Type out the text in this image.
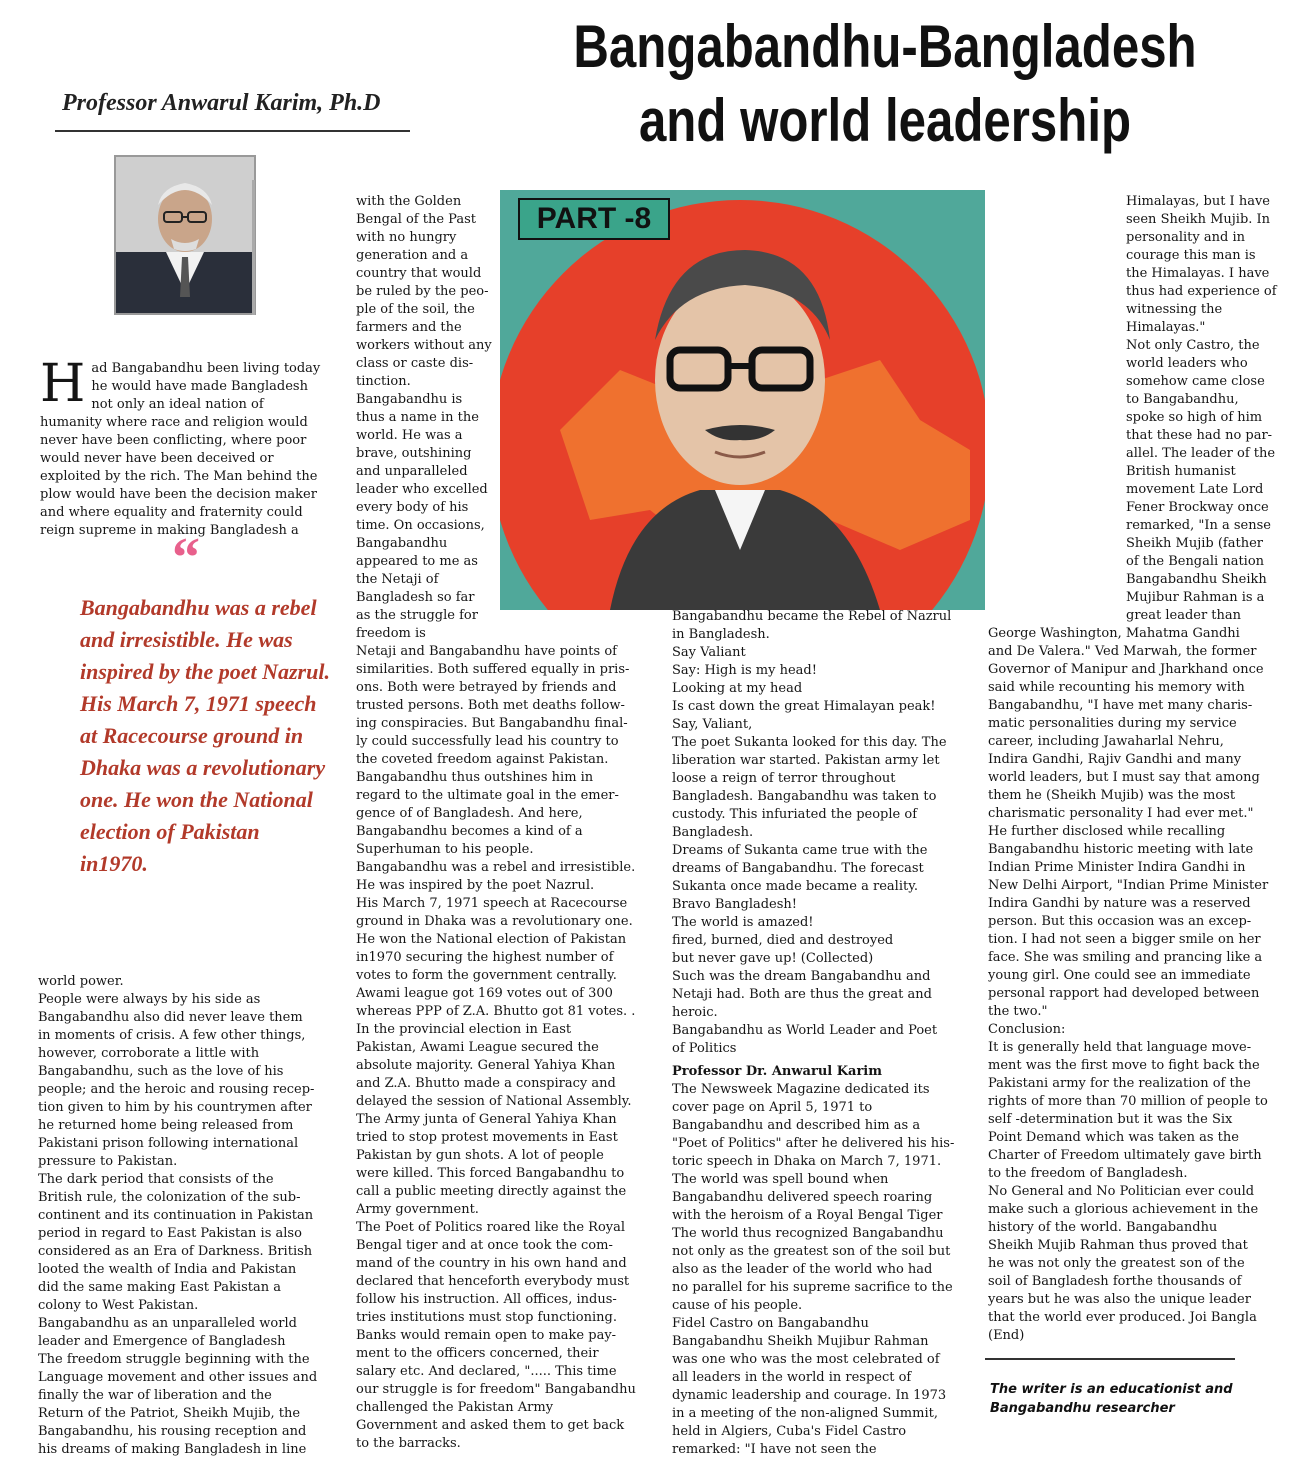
Bangabandhu-Bangladesh
and world leadership

Professor Anwarul Karim, Ph.D

Had Bangabandhu been living today
he would have made Bangladesh
not only an ideal nation of
humanity where race and religion would
never have been conflicting, where poor
would never have been deceived or
exploited by the rich. The Man behind the
plow would have been the decision maker
and where equality and fraternity could
reign supreme in making Bangladesh a

“

Bangabandhu was a rebel and irresistible. He was inspired by the poet Nazrul. His March 7, 1971 speech at Racecourse ground in Dhaka was a revolutionary one. He won the National election of Pakistan in1970.

world power.
People were always by his side as
Bangabandhu also did never leave them
in moments of crisis. A few other things,
however, corroborate a little with
Bangabandhu, such as the love of his
people; and the heroic and rousing recep-
tion given to him by his countrymen after
he returned home being released from
Pakistani prison following international
pressure to Pakistan.
The dark period that consists of the
British rule, the colonization of the sub-
continent and its continuation in Pakistan
period in regard to East Pakistan is also
considered as an Era of Darkness. British
looted the wealth of India and Pakistan
did the same making East Pakistan a
colony to West Pakistan.
Bangabandhu as an unparalleled world
leader and Emergence of Bangladesh
The freedom struggle beginning with the
Language movement and other issues and
finally the war of liberation and the
Return of the Patriot, Sheikh Mujib, the
Bangabandhu, his rousing reception and
his dreams of making Bangladesh in line
with the Golden
Bengal of the Past
with no hungry
generation and a
country that would
be ruled by the peo-
ple of the soil, the
farmers and the
workers without any
class or caste dis-
tinction.
Bangabandhu is
thus a name in the
world. He was a
brave, outshining
and unparalleled
leader who excelled
every body of his
time. On occasions,
Bangabandhu
appeared to me as
the Netaji of
Bangladesh so far
as the struggle for
freedom is
Netaji and Bangabandhu have points of
similarities. Both suffered equally in pris-
ons. Both were betrayed by friends and
trusted persons. Both met deaths follow-
ing conspiracies. But Bangabandhu final-
ly could successfully lead his country to
the coveted freedom against Pakistan.
Bangabandhu thus outshines him in
regard to the ultimate goal in the emer-
gence of of Bangladesh. And here,
Bangabandhu becomes a kind of a
Superhuman to his people.
Bangabandhu was a rebel and irresistible.
He was inspired by the poet Nazrul.
His March 7, 1971 speech at Racecourse
ground in Dhaka was a revolutionary one.
He won the National election of Pakistan
in1970 securing the highest number of
votes to form the government centrally.
Awami league got 169 votes out of 300
whereas PPP of Z.A. Bhutto got 81 votes. .
In the provincial election in East
Pakistan, Awami League secured the
absolute majority. General Yahiya Khan
and Z.A. Bhutto made a conspiracy and
delayed the session of National Assembly.
The Army junta of General Yahiya Khan
tried to stop protest movements in East
Pakistan by gun shots. A lot of people
were killed. This forced Bangabandhu to
call a public meeting directly against the
Army government.
The Poet of Politics roared like the Royal
Bengal tiger and at once took the com-
mand of the country in his own hand and
declared that henceforth everybody must
follow his instruction. All offices, indus-
tries institutions must stop functioning.
Banks would remain open to make pay-
ment to the officers concerned, their
salary etc. And declared, "..... This time
our struggle is for freedom" Bangabandhu
challenged the Pakistan Army
Government and asked them to get back
to the barracks.
PART -8
Bangabandhu became the Rebel of Nazrul
in Bangladesh.
Say Valiant
Say: High is my head!
Looking at my head
Is cast down the great Himalayan peak!
Say, Valiant,
The poet Sukanta looked for this day. The
liberation war started. Pakistan army let
loose a reign of terror throughout
Bangladesh. Bangabandhu was taken to
custody. This infuriated the people of
Bangladesh.
Dreams of Sukanta came true with the
dreams of Bangabandhu. The forecast
Sukanta once made became a reality.
Bravo Bangladesh!
The world is amazed!
fired, burned, died and destroyed
but never gave up! (Collected)
Such was the dream Bangabandhu and
Netaji had. Both are thus the great and
heroic.
Bangabandhu as World Leader and Poet
of Politics
Professor Dr. Anwarul Karim
The Newsweek Magazine dedicated its
cover page on April 5, 1971 to
Bangabandhu and described him as a
"Poet of Politics" after he delivered his his-
toric speech in Dhaka on March 7, 1971.
The world was spell bound when
Bangabandhu delivered speech roaring
with the heroism of a Royal Bengal Tiger
The world thus recognized Bangabandhu
not only as the greatest son of the soil but
also as the leader of the world who had
no parallel for his supreme sacrifice to the
cause of his people.
Fidel Castro on Bangabandhu
Bangabandhu Sheikh Mujibur Rahman
was one who was the most celebrated of
all leaders in the world in respect of
dynamic leadership and courage. In 1973
in a meeting of the non-aligned Summit,
held in Algiers, Cuba's Fidel Castro
remarked: "I have not seen the
Himalayas, but I have
seen Sheikh Mujib. In
personality and in
courage this man is
the Himalayas. I have
thus had experience of
witnessing the
Himalayas."
Not only Castro, the
world leaders who
somehow came close
to Bangabandhu,
spoke so high of him
that these had no par-
allel. The leader of the
British humanist
movement Late Lord
Fener Brockway once
remarked, "In a sense
Sheikh Mujib (father
of the Bengali nation
Bangabandhu Sheikh
Mujibur Rahman is a
great leader than
George Washington, Mahatma Gandhi
and De Valera." Ved Marwah, the former
Governor of Manipur and Jharkhand once
said while recounting his memory with
Bangabandhu, "I have met many charis-
matic personalities during my service
career, including Jawaharlal Nehru,
Indira Gandhi, Rajiv Gandhi and many
world leaders, but I must say that among
them he (Sheikh Mujib) was the most
charismatic personality I had ever met."
He further disclosed while recalling
Bangabandhu historic meeting with late
Indian Prime Minister Indira Gandhi in
New Delhi Airport, "Indian Prime Minister
Indira Gandhi by nature was a reserved
person. But this occasion was an excep-
tion. I had not seen a bigger smile on her
face. She was smiling and prancing like a
young girl. One could see an immediate
personal rapport had developed between
the two."
Conclusion:
It is generally held that language move-
ment was the first move to fight back the
Pakistani army for the realization of the
rights of more than 70 million of people to
self -determination but it was the Six
Point Demand which was taken as the
Charter of Freedom ultimately gave birth
to the freedom of Bangladesh.
No General and No Politician ever could
make such a glorious achievement in the
history of the world. Bangabandhu
Sheikh Mujib Rahman thus proved that
he was not only the greatest son of the
soil of Bangladesh forthe thousands of
years but he was also the unique leader
that the world ever produced. Joi Bangla
(End)

The writer is an educationist and
Bangabandhu researcher
